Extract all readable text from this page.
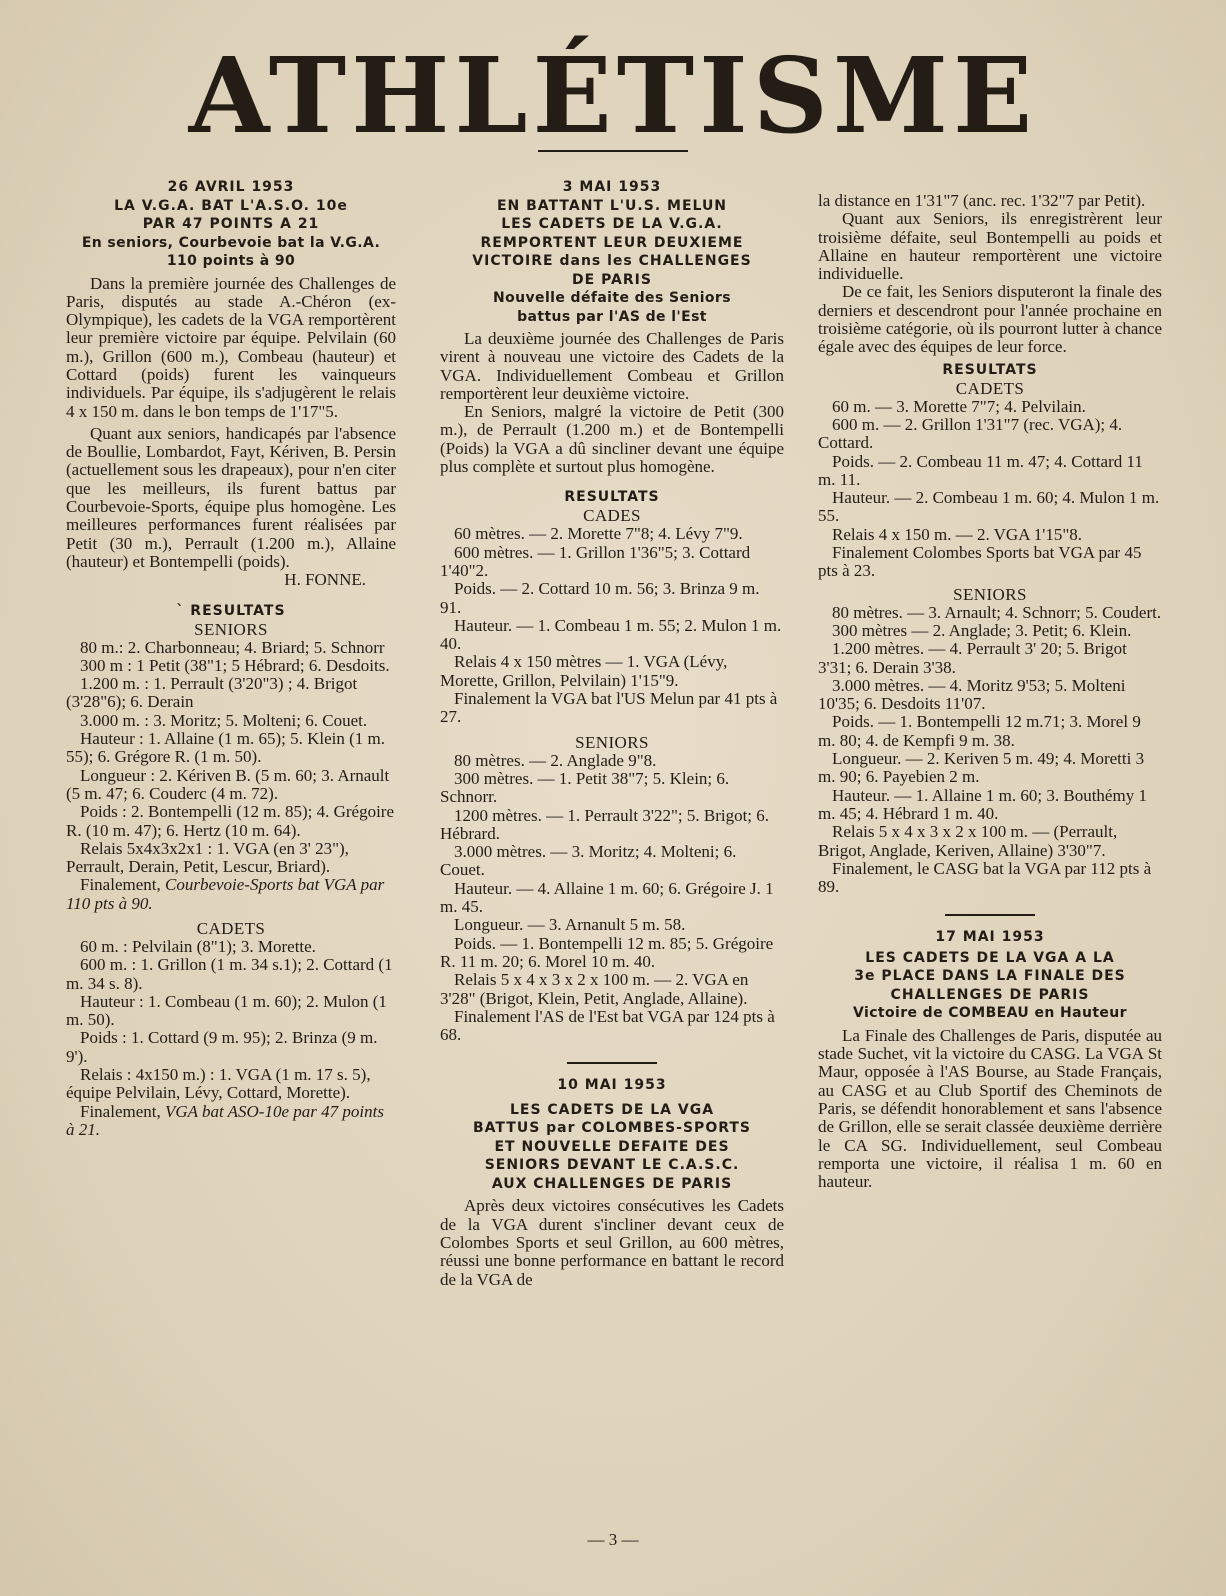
ATHLÉTISME
26 AVRIL 1953
LA V.G.A. BAT L'A.S.O. 10e
PAR 47 POINTS A 21
En seniors, Courbevoie bat la V.G.A.
110 points à 90

Dans la première journée des Challenges de Paris, disputés au stade A.-Chéron (ex-Olympique), les cadets de la VGA remportèrent leur première victoire par équipe. Pelvilain (60 m.), Grillon (600 m.), Combeau (hauteur) et Cottard (poids) furent les vainqueurs individuels. Par équipe, ils s'adjugèrent le relais 4 x 150 m. dans le bon temps de 1'17"5.

Quant aux seniors, handicapés par l'absence de Boullie, Lombardot, Fayt, Kériven, B. Persin (actuellement sous les drapeaux), pour n'en citer que les meilleurs, ils furent battus par Courbevoie-Sports, équipe plus homogène. Les meilleures performances furent réalisées par Petit (30 m.), Perrault (1.200 m.), Allaine (hauteur) et Bontempelli (poids).

H. FONNE.
` RESULTATS
SENIORS

80 m.: 2. Charbonneau; 4. Briard; 5. Schnorr

300 m : 1 Petit (38"1; 5 Hébrard; 6. Desdoits.

1.200 m. : 1. Perrault (3'20"3) ; 4. Brigot (3'28"6); 6. Derain

3.000 m. : 3. Moritz; 5. Molteni; 6. Couet.

Hauteur : 1. Allaine (1 m. 65); 5. Klein (1 m. 55); 6. Grégore R. (1 m. 50).

Longueur : 2. Kériven B. (5 m. 60; 3. Arnault (5 m. 47; 6. Couderc (4 m. 72).

Poids : 2. Bontempelli (12 m. 85); 4. Grégoire R. (10 m. 47); 6. Hertz (10 m. 64).

Relais 5x4x3x2x1 : 1. VGA (en 3' 23"), Perrault, Derain, Petit, Lescur, Briard).

Finalement, Courbevoie-Sports bat VGA par 110 pts à 90.

CADETS

60 m. : Pelvilain (8"1); 3. Morette.

600 m. : 1. Grillon (1 m. 34 s.1); 2. Cottard (1 m. 34 s. 8).

Hauteur : 1. Combeau (1 m. 60); 2. Mulon (1 m. 50).

Poids : 1. Cottard (9 m. 95); 2. Brinza (9 m. 9').

Relais : 4x150 m.) : 1. VGA (1 m. 17 s. 5), équipe Pelvilain, Lévy, Cottard, Morette).

Finalement, VGA bat ASO-10e par 47 points à 21.

3 MAI 1953
EN BATTANT L'U.S. MELUN
LES CADETS DE LA V.G.A.
REMPORTENT LEUR DEUXIEME
VICTOIRE dans les CHALLENGES
DE PARIS
Nouvelle défaite des Seniors
battus par l'AS de l'Est

La deuxième journée des Challenges de Paris virent à nouveau une victoire des Cadets de la VGA. Individuellement Combeau et Grillon remportèrent leur deuxième victoire.

En Seniors, malgré la victoire de Petit (300 m.), de Perrault (1.200 m.) et de Bontempelli (Poids) la VGA a dû sincliner devant une équipe plus complète et surtout plus homogène.

RESULTATS
CADES

60 mètres. — 2. Morette 7"8; 4. Lévy 7"9.

600 mètres. — 1. Grillon 1'36"5; 3. Cottard 1'40"2.

Poids. — 2. Cottard 10 m. 56; 3. Brinza 9 m. 91.

Hauteur. — 1. Combeau 1 m. 55; 2. Mulon 1 m. 40.

Relais 4 x 150 mètres — 1. VGA (Lévy, Morette, Grillon, Pelvilain) 1'15"9.

Finalement la VGA bat l'US Melun par 41 pts à 27.

SENIORS

80 mètres. — 2. Anglade 9"8.

300 mètres. — 1. Petit 38"7; 5. Klein; 6. Schnorr.

1200 mètres. — 1. Perrault 3'22"; 5. Brigot; 6. Hébrard.

3.000 mètres. — 3. Moritz; 4. Molteni; 6. Couet.

Hauteur. — 4. Allaine 1 m. 60; 6. Grégoire J. 1 m. 45.

Longueur. — 3. Arnanult 5 m. 58.

Poids. — 1. Bontempelli 12 m. 85; 5. Grégoire R. 11 m. 20; 6. Morel 10 m. 40.

Relais 5 x 4 x 3 x 2 x 100 m. — 2. VGA en 3'28" (Brigot, Klein, Petit, Anglade, Allaine).

Finalement l'AS de l'Est bat VGA par 124 pts à 68.

10 MAI 1953
LES CADETS DE LA VGA
BATTUS par COLOMBES-SPORTS
ET NOUVELLE DEFAITE DES
SENIORS DEVANT LE C.A.S.C.
AUX CHALLENGES DE PARIS

Après deux victoires consécutives les Cadets de la VGA durent s'incliner devant ceux de Colombes Sports et seul Grillon, au 600 mètres, réussi une bonne performance en battant le record de la VGA de

la distance en 1'31"7 (anc. rec. 1'32"7 par Petit).

Quant aux Seniors, ils enregistrèrent leur troisième défaite, seul Bontempelli au poids et Allaine en hauteur remportèrent une victoire individuelle.

De ce fait, les Seniors disputeront la finale des derniers et descendront pour l'année prochaine en troisième catégorie, où ils pourront lutter à chance égale avec des équipes de leur force.

RESULTATS
CADETS

60 m. — 3. Morette 7"7; 4. Pelvilain.

600 m. — 2. Grillon 1'31"7 (rec. VGA); 4. Cottard.

Poids. — 2. Combeau 11 m. 47; 4. Cottard 11 m. 11.

Hauteur. — 2. Combeau 1 m. 60; 4. Mulon 1 m. 55.

Relais 4 x 150 m. — 2. VGA 1'15"8.

Finalement Colombes Sports bat VGA par 45 pts à 23.

SENIORS

80 mètres. — 3. Arnault; 4. Schnorr; 5. Coudert.

300 mètres — 2. Anglade; 3. Petit; 6. Klein.

1.200 mètres. — 4. Perrault 3' 20; 5. Brigot 3'31; 6. Derain 3'38.

3.000 mètres. — 4. Moritz 9'53; 5. Molteni 10'35; 6. Desdoits 11'07.

Poids. — 1. Bontempelli 12 m.71; 3. Morel 9 m. 80; 4. de Kempfi 9 m. 38.

Longueur. — 2. Keriven 5 m. 49; 4. Moretti 3 m. 90; 6. Payebien 2 m.

Hauteur. — 1. Allaine 1 m. 60; 3. Bouthémy 1 m. 45; 4. Hébrard 1 m. 40.

Relais 5 x 4 x 3 x 2 x 100 m. — (Perrault, Brigot, Anglade, Keriven, Allaine) 3'30"7.

Finalement, le CASG bat la VGA par 112 pts à 89.

17 MAI 1953
LES CADETS DE LA VGA A LA
3e PLACE DANS LA FINALE DES
CHALLENGES DE PARIS
Victoire de COMBEAU en Hauteur

La Finale des Challenges de Paris, disputée au stade Suchet, vit la victoire du CASG. La VGA St Maur, opposée à l'AS Bourse, au Stade Français, au CASG et au Club Sportif des Cheminots de Paris, se défendit honorablement et sans l'absence de Grillon, elle se serait classée deuxième derrière le CA SG. Individuellement, seul Combeau remporta une victoire, il réalisa 1 m. 60 en hauteur.

— 3 —
